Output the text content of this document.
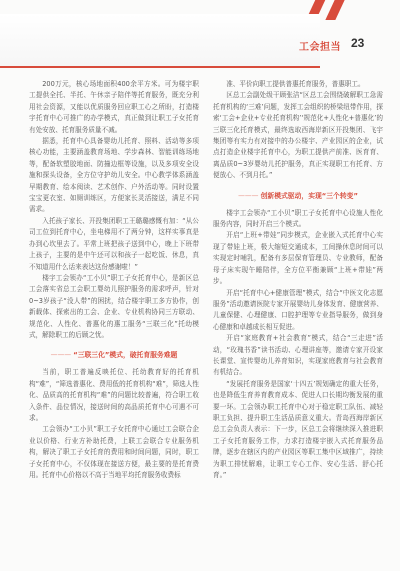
工会担当 23

200万元，核心场地面积400余平方米。可为楼宇职工提供全托、半托、午休亲子陪伴等托育服务，既充分利用社会资源，又能以优质服务回应职工心之所盼，打造楼宇托育中心可推广的办学模式，真正做到让职工子女托育有处安放、托育服务质量不减。

据悉，托育中心具备婴幼儿托育、照料、活动等多项核心功能，主要涵盖教育场地、学步森林、智能训练场地等，配备软塑胶地面、防撞边框等设施，以及多项安全设施和探头设备，全方位守护幼儿安全。中心教学体系涵盖早期教育、绘本阅读、艺术创作、户外活动等。同时设置宝宝更衣室、如厕训练区，方便家长灵活接送，满足不同需求。

入托孩子家长、开投集团职工王璐璐感慨有加：“从公司工位到托育中心，坐电梯用不了两分钟，这样实事真是办到心坎里去了。平常上班把孩子送到中心，晚上下班带上孩子，主要的是中午还可以和孩子一起吃饭、休息，真不知道用什么话来表达这份感谢啦！”

楼宇工会领办“工小贝”职工子女托育中心，是新区总工会落实省总工会职工婴幼儿照护服务的需求呼声，针对0~3岁孩子“没人带”的困扰，结合楼宇职工多方协作，创新载体、探索出的工会、企业、专业机构协同三方联动、规范化、人性化、普惠化的惠工服务“三联三化”托幼模式，解除职工的后顾之忧。

——— “三联三化”模式，破托育服务难题

当前，职工普遍反映托位、托幼教育好的托育机构“难”，“筛选普惠化、费用低的托育机构“难”，筛选人性化、品质高的托育机构“难”的问题比较普遍，符合职工收入条件、品位情况，接送时间的高品质托育中心可遇不可求。

工会领办“工小贝”职工子女托育中心通过工会联合企业以价格、行业方补助托费，上联工会联合专业服务机构，解决了职工子女托育的费用和时间问题，同时，职工子女托育中心，不仅体现在接送方便，最主要的是托育费用。托育中心价格以不高于当地平均托育服务收费标

准、平价向职工提供普惠托育服务，普惠职工。

区总工会副处级干顾张洁“区总工会围绕破解职工急需托育机构的‘三难’问题，发挥工会组织的桥梁纽带作用，探索‘工会+企业+专业托育机构’‘规范化+人性化+普惠化’的三联三化托育模式，最终选取西海岸新区开投集团、飞宇集团等有实力有对接中的办公楼宇、产业园区的企业，试点打造企业楼宇托育中心，为职工提供产前准、医育育、离品质0~3岁婴幼儿托护服务，真正实现职工有托育、方便放心、不到月托。”

——— 创新模式驱动，实现“三个转变”

楼宇工会领办“工小贝”职工子女托育中心设施人性化服务内容，同时开启三个模式。

开启“上班+带娃”同步模式，企业嵌入式托育中心实现了带娃上班，极大缩短交通成本，工间操休息时间可以实现定时哺乳，配备有多层保育管理员、专业教师，配备母子床实现午睡陪伴，全方位平衡兼顾“上班+带娃”两步。

开启“托育中心+健康管理”模式，结合“中医文化志愿服务”活动邀请医院专家开展婴幼儿身体发育、健康营养、儿童保健、心理健康、口腔护理等专业指导服务，做到身心健康和卓越成长相互促进。

开启“家庭教育+社会教育”模式，结合“三走进”活动，“玫瑰书香”读书活动、心理讲座等，邀请专家开设家长课堂、宣传婴幼儿养育知识，实现家庭教育与社会教育有机结合。

“发展托育服务是国家‘十四五’规划确定的重大任务，也是降低生育养育教育成本、促进人口长期均衡发展的重要一环。工会领办职工托育中心对于稳定职工队伍、减轻职工负担、提升职工生活品质意义重大。青岛西海岸新区总工会负责人表示：下一步，区总工会将继续深入推进职工子女托育服务工作，力求打造楼宇嵌入式托育服务品牌，逐步在辖区内的产业园区等职工集中区域推广，持续为职工排忧解难，让职工专心工作、安心生活、舒心托育。”
